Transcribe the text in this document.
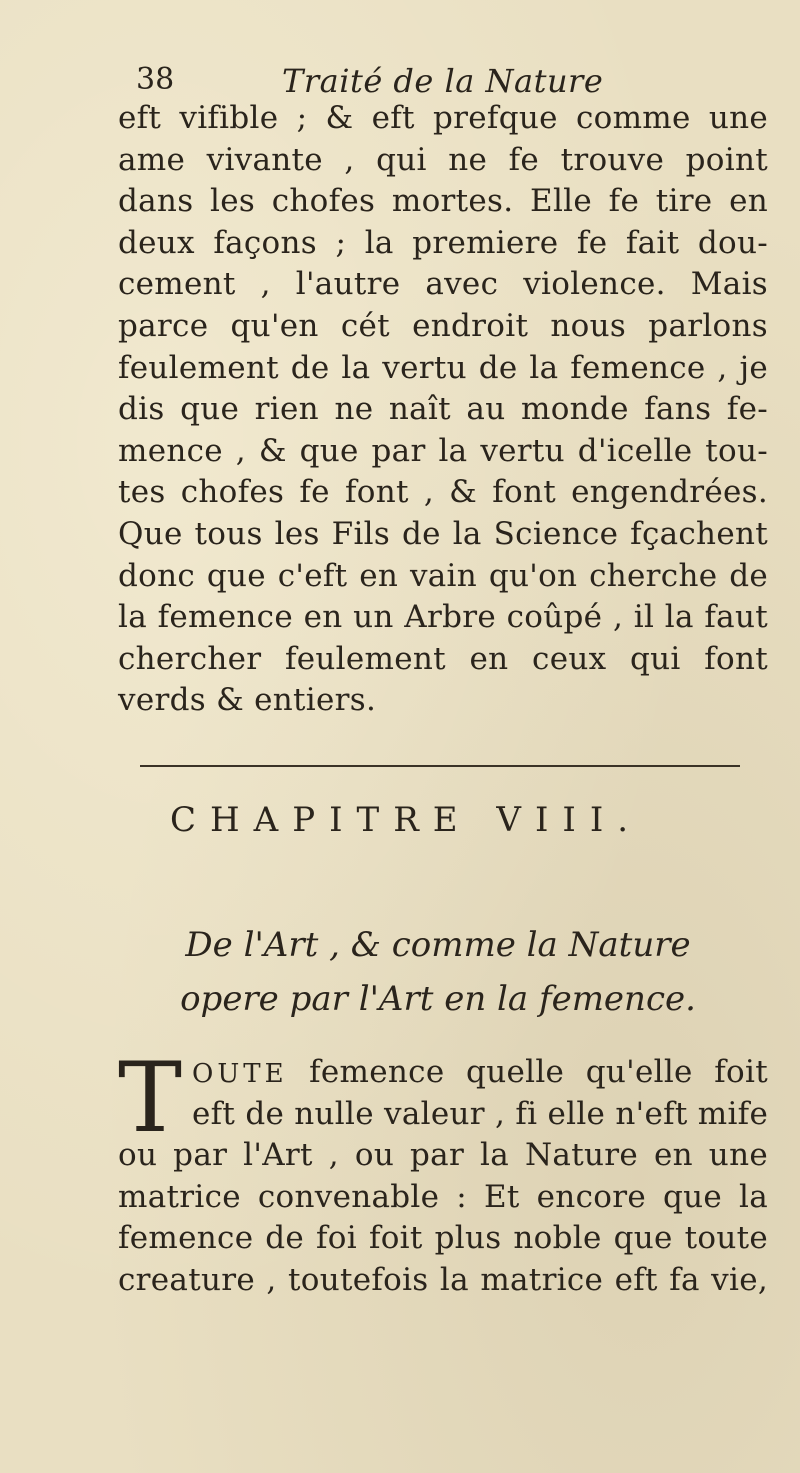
38	Traité de la Nature
eft vifible ; & eft prefque comme une
ame vivante , qui ne fe trouve point
dans les chofes mortes. Elle fe tire en
deux façons ; la premiere fe fait dou-
cement , l'autre avec violence. Mais
parce qu'en cét endroit nous parlons
feulement de la vertu de la femence , je
dis que rien ne naît au monde fans fe-
mence , & que par la vertu d'icelle tou-
tes chofes fe font , & font engendrées.
Que tous les Fils de la Science fçachent
donc que c'eft en vain qu'on cherche de
la femence en un Arbre coûpé , il la faut
chercher feulement en ceux qui font
verds & entiers.
CHAPITRE VIII.
De l'Art , & comme la Nature
opere par l'Art en la femence.
T OUTE femence quelle qu'elle foit
eft de nulle valeur , fi elle n'eft mife
ou par l'Art , ou par la Nature en une
matrice convenable : Et encore que la
femence de foi foit plus noble que toute
creature , toutefois la matrice eft fa vie,
